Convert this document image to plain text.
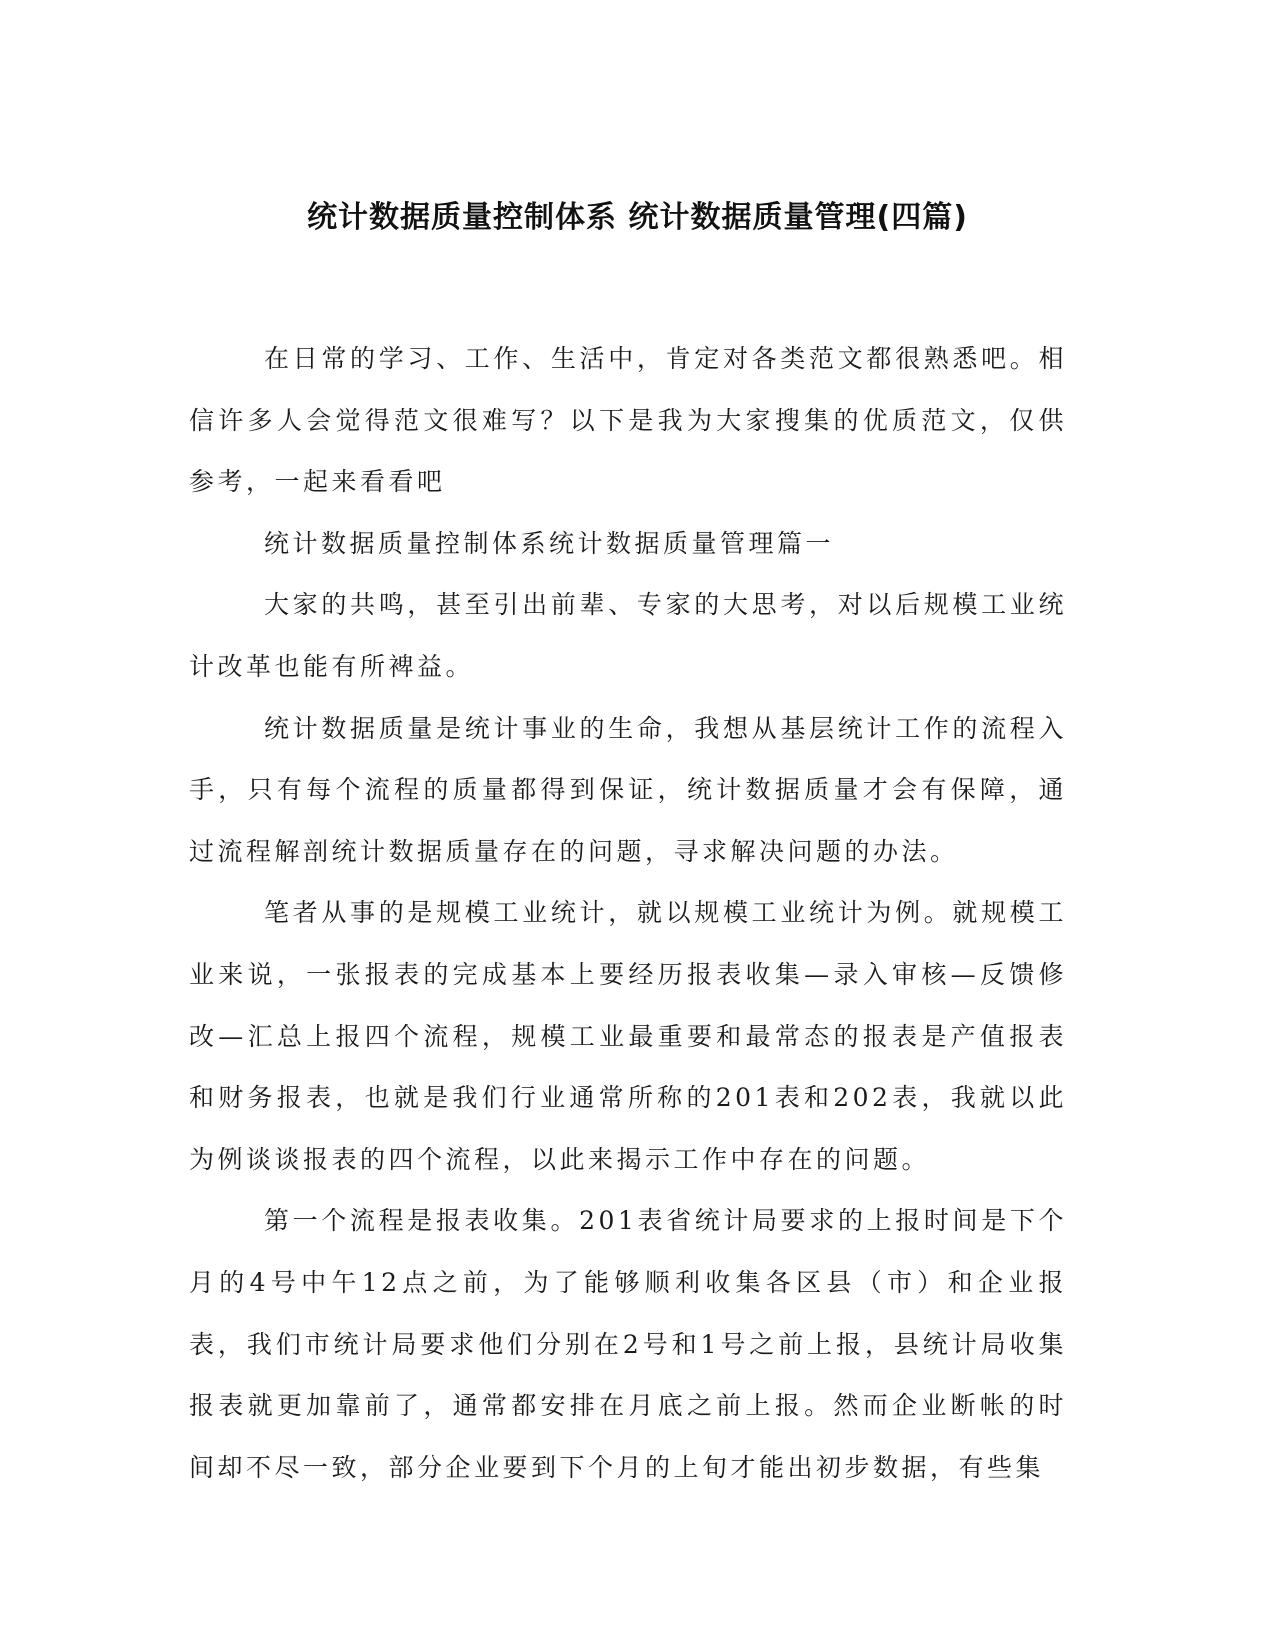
统计数据质量控制体系 统计数据质量管理(四篇)

在日常的学习、工作、生活中，肯定对各类范文都很熟悉吧。相信许多人会觉得范文很难写？以下是我为大家搜集的优质范文，仅供参考，一起来看看吧

统计数据质量控制体系统计数据质量管理篇一

大家的共鸣，甚至引出前辈、专家的大思考，对以后规模工业统计改革也能有所裨益。

统计数据质量是统计事业的生命，我想从基层统计工作的流程入手，只有每个流程的质量都得到保证，统计数据质量才会有保障，通过流程解剖统计数据质量存在的问题，寻求解决问题的办法。

笔者从事的是规模工业统计，就以规模工业统计为例。就规模工业来说，一张报表的完成基本上要经历报表收集—录入审核—反馈修改—汇总上报四个流程，规模工业最重要和最常态的报表是产值报表和财务报表，也就是我们行业通常所称的201表和202表，我就以此为例谈谈报表的四个流程，以此来揭示工作中存在的问题。

第一个流程是报表收集。201表省统计局要求的上报时间是下个月的4号中午12点之前，为了能够顺利收集各区县（市）和企业报表，我们市统计局要求他们分别在2号和1号之前上报，县统计局收集报表就更加靠前了，通常都安排在月底之前上报。然而企业断帐的时间却不尽一致，部分企业要到下个月的上旬才能出初步数据，有些集
